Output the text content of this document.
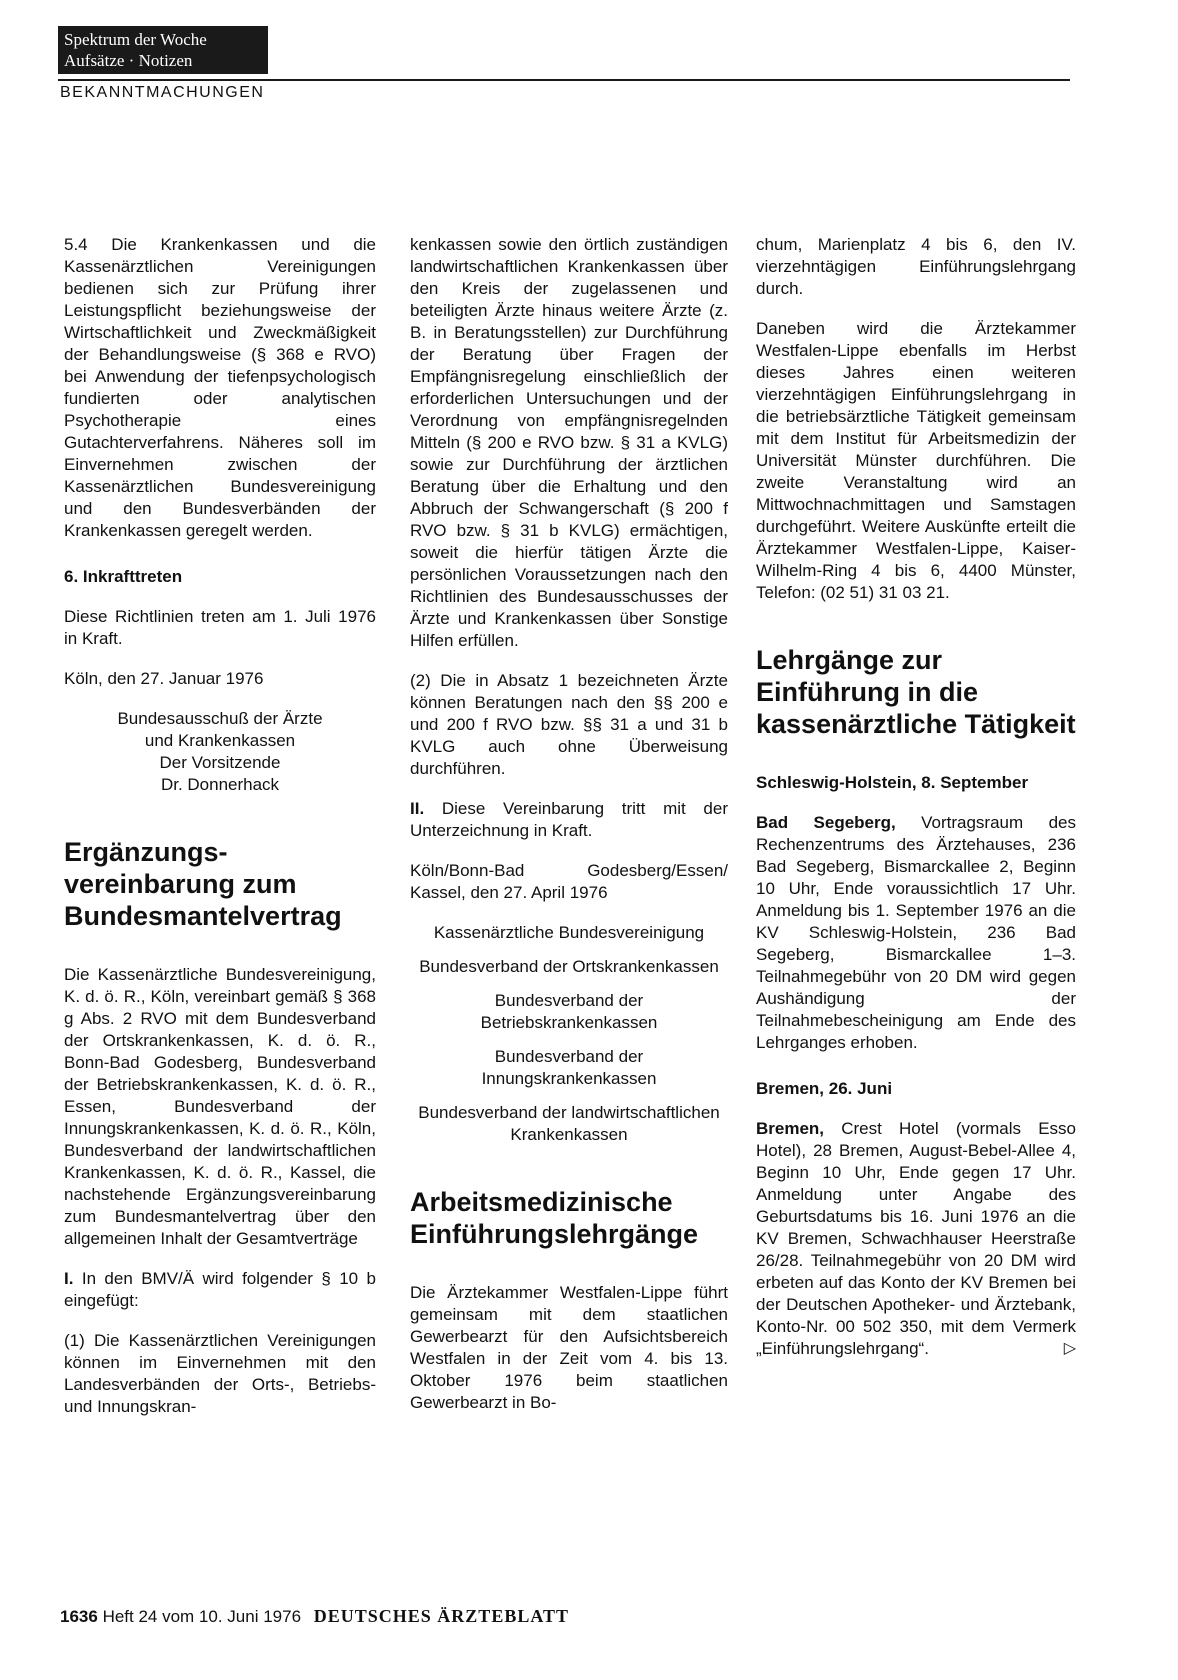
Spektrum der Woche
Aufsätze · Notizen
BEKANNTMACHUNGEN

5.4 Die Krankenkassen und die Kassenärztlichen Vereinigungen bedienen sich zur Prüfung ihrer Leistungspflicht beziehungsweise der Wirtschaftlichkeit und Zweckmäßigkeit der Behandlungsweise (§ 368 e RVO) bei Anwendung der tiefenpsychologisch fundierten oder analytischen Psychotherapie eines Gutachterverfahrens. Näheres soll im Einvernehmen zwischen der Kassenärztlichen Bundesvereinigung und den Bundesverbänden der Krankenkassen geregelt werden.

6. Inkrafttreten

Diese Richtlinien treten am 1. Juli 1976 in Kraft.

Köln, den 27. Januar 1976

Bundesausschuß der Ärzte
und Krankenkassen
Der Vorsitzende
Dr. Donnerhack
Ergänzungs-vereinbarung zum Bundesmantelvertrag

Die Kassenärztliche Bundesvereinigung, K. d. ö. R., Köln, vereinbart gemäß § 368 g Abs. 2 RVO mit dem Bundesverband der Ortskrankenkassen, K. d. ö. R., Bonn-Bad Godesberg, Bundesverband der Betriebskrankenkassen, K. d. ö. R., Essen, Bundesverband der Innungskrankenkassen, K. d. ö. R., Köln, Bundesverband der landwirtschaftlichen Krankenkassen, K. d. ö. R., Kassel, die nachstehende Ergänzungsvereinbarung zum Bundesmantelvertrag über den allgemeinen Inhalt der Gesamtverträge

I. In den BMV/Ä wird folgender § 10 b eingefügt:

(1) Die Kassenärztlichen Vereinigungen können im Einvernehmen mit den Landesverbänden der Orts-, Betriebs- und Innungskran-

kenkassen sowie den örtlich zuständigen landwirtschaftlichen Krankenkassen über den Kreis der zugelassenen und beteiligten Ärzte hinaus weitere Ärzte (z. B. in Beratungsstellen) zur Durchführung der Beratung über Fragen der Empfängnisregelung einschließlich der erforderlichen Untersuchungen und der Verordnung von empfängnisregelnden Mitteln (§ 200 e RVO bzw. § 31 a KVLG) sowie zur Durchführung der ärztlichen Beratung über die Erhaltung und den Abbruch der Schwangerschaft (§ 200 f RVO bzw. § 31 b KVLG) ermächtigen, soweit die hierfür tätigen Ärzte die persönlichen Voraussetzungen nach den Richtlinien des Bundesausschusses der Ärzte und Krankenkassen über Sonstige Hilfen erfüllen.

(2) Die in Absatz 1 bezeichneten Ärzte können Beratungen nach den §§ 200 e und 200 f RVO bzw. §§ 31 a und 31 b KVLG auch ohne Überweisung durchführen.

II. Diese Vereinbarung tritt mit der Unterzeichnung in Kraft.

Köln/Bonn-Bad Godesberg/Essen/ Kassel, den 27. April 1976

Kassenärztliche Bundesvereinigung
Bundesverband der Ortskrankenkassen
Bundesverband der Betriebskrankenkassen
Bundesverband der Innungskrankenkassen
Bundesverband der landwirtschaftlichen Krankenkassen
Arbeitsmedizinische Einführungslehrgänge

Die Ärztekammer Westfalen-Lippe führt gemeinsam mit dem staatlichen Gewerbearzt für den Aufsichtsbereich Westfalen in der Zeit vom 4. bis 13. Oktober 1976 beim staatlichen Gewerbearzt in Bo-

chum, Marienplatz 4 bis 6, den IV. vierzehntägigen Einführungslehrgang durch.

Daneben wird die Ärztekammer Westfalen-Lippe ebenfalls im Herbst dieses Jahres einen weiteren vierzehntägigen Einführungslehrgang in die betriebsärztliche Tätigkeit gemeinsam mit dem Institut für Arbeitsmedizin der Universität Münster durchführen. Die zweite Veranstaltung wird an Mittwochnachmittagen und Samstagen durchgeführt. Weitere Auskünfte erteilt die Ärztekammer Westfalen-Lippe, Kaiser-Wilhelm-Ring 4 bis 6, 4400 Münster, Telefon: (02 51) 31 03 21.

Lehrgänge zur Einführung in die kassenärztliche Tätigkeit
Schleswig-Holstein, 8. September

Bad Segeberg, Vortragsraum des Rechenzentrums des Ärztehauses, 236 Bad Segeberg, Bismarckallee 2, Beginn 10 Uhr, Ende voraussichtlich 17 Uhr. Anmeldung bis 1. September 1976 an die KV Schleswig-Holstein, 236 Bad Segeberg, Bismarckallee 1–3. Teilnahmegebühr von 20 DM wird gegen Aushändigung der Teilnahmebescheinigung am Ende des Lehrganges erhoben.

Bremen, 26. Juni

Bremen, Crest Hotel (vormals Esso Hotel), 28 Bremen, August-Bebel-Allee 4, Beginn 10 Uhr, Ende gegen 17 Uhr. Anmeldung unter Angabe des Geburtsdatums bis 16. Juni 1976 an die KV Bremen, Schwachhauser Heerstraße 26/28. Teilnahmegebühr von 20 DM wird erbeten auf das Konto der KV Bremen bei der Deutschen Apotheker- und Ärztebank, Konto-Nr. 00 502 350, mit dem Vermerk „Einführungslehrgang“.	▷

1636 Heft 24 vom 10. Juni 1976 DEUTSCHES ÄRZTEBLATT
